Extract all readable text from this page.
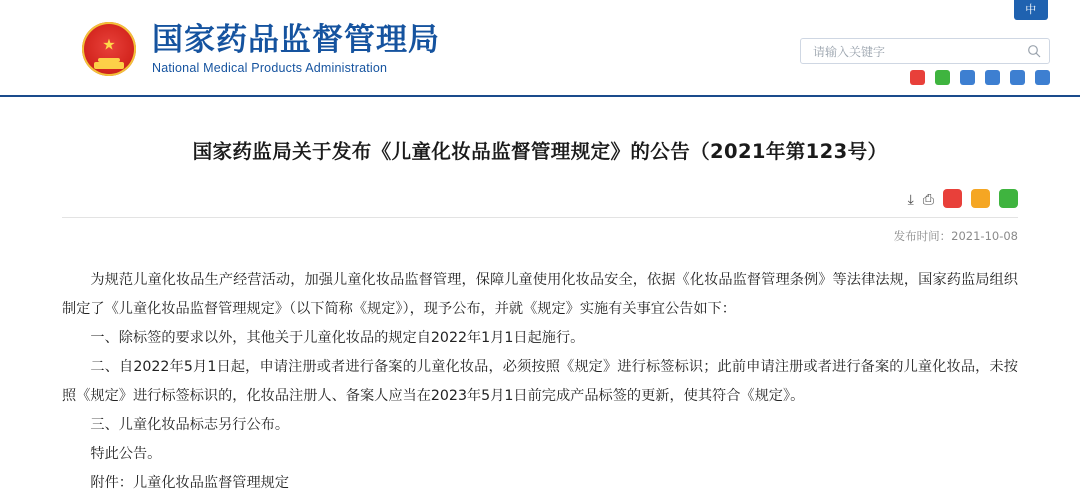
中
★ 国家药品监督管理局
National Medical Products Administration
请输入关键字
国家药监局关于发布《儿童化妆品监督管理规定》的公告（2021年第123号）
⤓ ⎙
发布时间：2021-10-08

为规范儿童化妆品生产经营活动，加强儿童化妆品监督管理，保障儿童使用化妆品安全，依据《化妆品监督管理条例》等法律法规，国家药监局组织制定了《儿童化妆品监督管理规定》（以下简称《规定》），现予公布，并就《规定》实施有关事宜公告如下：

一、除标签的要求以外，其他关于儿童化妆品的规定自2022年1月1日起施行。

二、自2022年5月1日起，申请注册或者进行备案的儿童化妆品，必须按照《规定》进行标签标识；此前申请注册或者进行备案的儿童化妆品，未按照《规定》进行标签标识的，化妆品注册人、备案人应当在2023年5月1日前完成产品标签的更新，使其符合《规定》。

三、儿童化妆品标志另行公布。

特此公告。

附件：儿童化妆品监督管理规定
